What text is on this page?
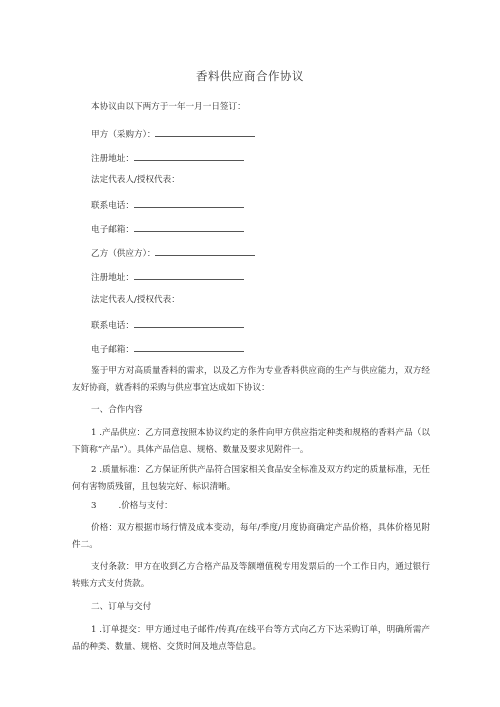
香料供应商合作协议
本协议由以下两方于一年一月一日签订：
甲方（采购方）：
注册地址：
法定代表人/授权代表：
联系电话：
电子邮箱：
乙方（供应方）：
注册地址：
法定代表人/授权代表：
联系电话：
电子邮箱：
鉴于甲方对高质量香料的需求，以及乙方作为专业香料供应商的生产与供应能力，双方经友好协商，就香料的采购与供应事宜达成如下协议：
一、合作内容
1 .产品供应：乙方同意按照本协议约定的条件向甲方供应指定种类和规格的香料产品（以下简称“产品”）。具体产品信息、规格、数量及要求见附件一。
2 .质量标准：乙方保证所供产品符合国家相关食品安全标准及双方约定的质量标准，无任何有害物质残留，且包装完好、标识清晰。
3	.价格与支付：
价格：双方根据市场行情及成本变动，每年/季度/月度协商确定产品价格，具体价格见附件二。
支付条款：甲方在收到乙方合格产品及等额增值税专用发票后的一个工作日内，通过银行转账方式支付货款。
二、订单与交付
1 .订单提交：甲方通过电子邮件/传真/在线平台等方式向乙方下达采购订单，明确所需产品的种类、数量、规格、交货时间及地点等信息。
